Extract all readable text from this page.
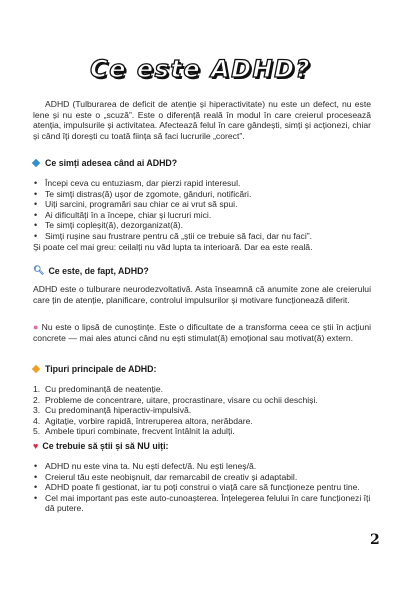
Ce este ADHD?

ADHD (Tulburarea de deficit de atenție și hiperactivitate) nu este un defect, nu este lene și nu este o „scuză”. Este o diferență reală în modul în care creierul procesează atenția, impulsurile și activitatea. Afectează felul în care gândești, simți și acționezi, chiar și când îți dorești cu toată ființa să faci lucrurile „corect”.

Ce simți adesea când ai ADHD?
• Începi ceva cu entuziasm, dar pierzi rapid interesul.
• Te simți distras(ă) ușor de zgomote, gânduri, notificări.
• Uiți sarcini, programări sau chiar ce ai vrut să spui.
• Ai dificultăți în a începe, chiar și lucruri mici.
• Te simți copleșit(ă), dezorganizat(ă).
• Simți rușine sau frustrare pentru că „știi ce trebuie să faci, dar nu faci”.

Și poate cel mai greu: ceilalți nu văd lupta ta interioară. Dar ea este reală.

🔍︎ Ce este, de fapt, ADHD?

ADHD este o tulburare neurodezvoltativă. Asta înseamnă că anumite zone ale creierului care țin de atenție, planificare, controlul impulsurilor și motivare funcționează diferit.

● Nu este o lipsă de cunoștințe. Este o dificultate de a transforma ceea ce știi în acțiuni concrete — mai ales atunci când nu ești stimulat(ă) emoțional sau motivat(ă) extern.

Tipuri principale de ADHD:
1. Cu predominanță de neatenție.
2. Probleme de concentrare, uitare, procrastinare, visare cu ochii deschiși.
3. Cu predominanță hiperactiv-impulsivă.
4. Agitație, vorbire rapidă, întreruperea altora, nerăbdare.
5. Ambele tipuri combinate, frecvent întâlnit la adulți.
♥ Ce trebuie să știi și să NU uiți:
• ADHD nu este vina ta. Nu ești defect/ă. Nu ești leneș/ă.
• Creierul tău este neobișnuit, dar remarcabil de creativ și adaptabil.
• ADHD poate fi gestionat, iar tu poți construi o viață care să funcționeze pentru tine.
• Cel mai important pas este auto-cunoașterea. Înțelegerea felului în care funcționezi îți dă putere.
2
